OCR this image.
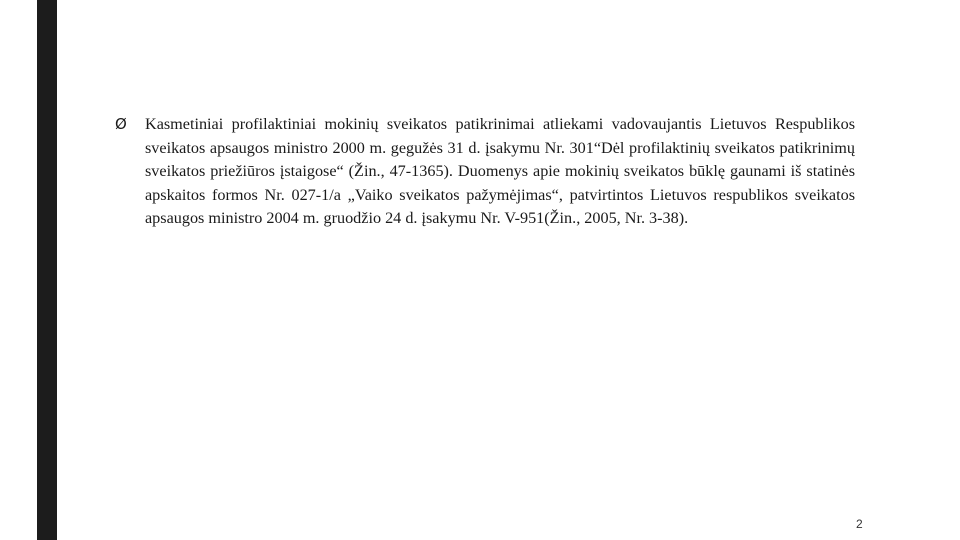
Ø	Kasmetiniai profilaktiniai mokinių sveikatos patikrinimai atliekami vadovaujantis Lietuvos Respublikos sveikatos apsaugos ministro 2000 m. gegužės 31 d. įsakymu Nr. 301“Dėl profilaktinių sveikatos patikrinimų sveikatos priežiūros įstaigose“ (Žin., 47-1365). Duomenys apie mokinių sveikatos būklę gaunami iš statinės apskaitos formos Nr. 027-1/a „Vaiko sveikatos pažymėjimas“, patvirtintos Lietuvos respublikos sveikatos apsaugos ministro 2004 m. gruodžio 24 d. įsakymu Nr. V-951(Žin., 2005, Nr. 3-38).

2
